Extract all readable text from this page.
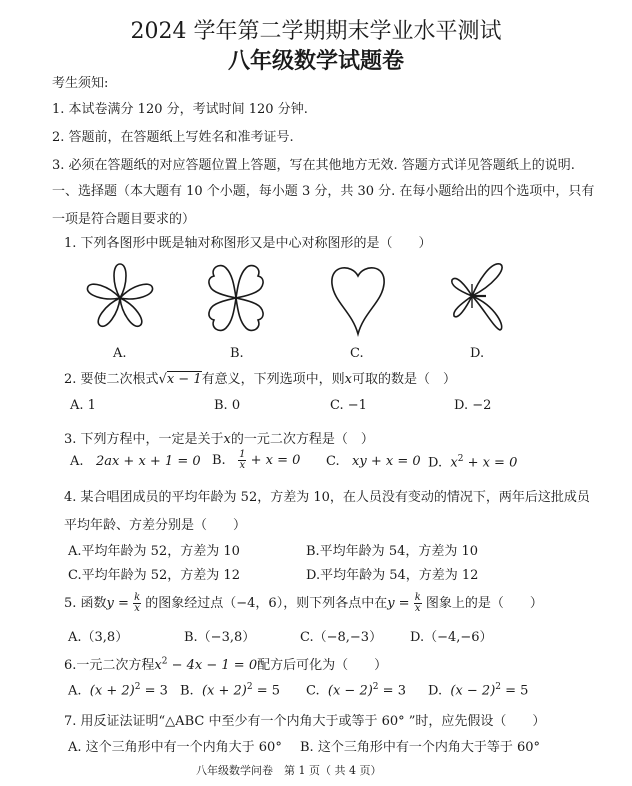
2024 学年第二学期期末学业水平测试
八年级数学试题卷
考生须知:
1. 本试卷满分 120 分，考试时间 120 分钟.
2. 答题前，在答题纸上写姓名和准考证号.
3. 必须在答题纸的对应答题位置上答题，写在其他地方无效. 答题方式详见答题纸上的说明.
一、选择题（本大题有 10 个小题，每小题 3 分，共 30 分. 在每小题给出的四个选项中，只有
一项是符合题目要求的）
1. 下列各图形中既是轴对称图形又是中心对称图形的是（　　）
A.	B.	C.	D.
2. 要使二次根式√x − 1有意义，下列选项中，则x可取的数是（　）
A. 1	B. 0	C. −1	D. −2
3. 下列方程中，一定是关于x的一元二次方程是（　）
A. 2ax + x + 1 = 0 B. $\frac{1}{x} + x = 0$ C. xy + x = 0 D. $x^2 + x = 0$
4. 某合唱团成员的平均年龄为 52，方差为 10，在人员没有变动的情况下，两年后这批成员
平均年龄、方差分别是（　　）
A.平均年龄为 52，方差为 10	B.平均年龄为 54，方差为 10
C.平均年龄为 52，方差为 12	D.平均年龄为 54，方差为 12
5. 函数$y = \frac{k}{x}$ 的图象经过点（−4，6），则下列各点中在$y = \frac{k}{x}$ 图象上的是（　　）
A.（3,8）	B.（−3,8）	C.（−8,−3） D.（−4,−6）
6.一元二次方程$x^2 - 4x - 1 = 0$配方后可化为（　　）
A. $(x + 2)^2 = 3$ B. $(x + 2)^2 = 5$ C. $(x - 2)^2 = 3$ D. $(x - 2)^2 = 5$
7. 用反证法证明“△ABC 中至少有一个内角大于或等于 60° ”时，应先假设（　　）
A. 这个三角形中有一个内角大于 60° B. 这个三角形中有一个内角大于等于 60°
八年级数学问卷　第 1 页（ 共 4 页）
